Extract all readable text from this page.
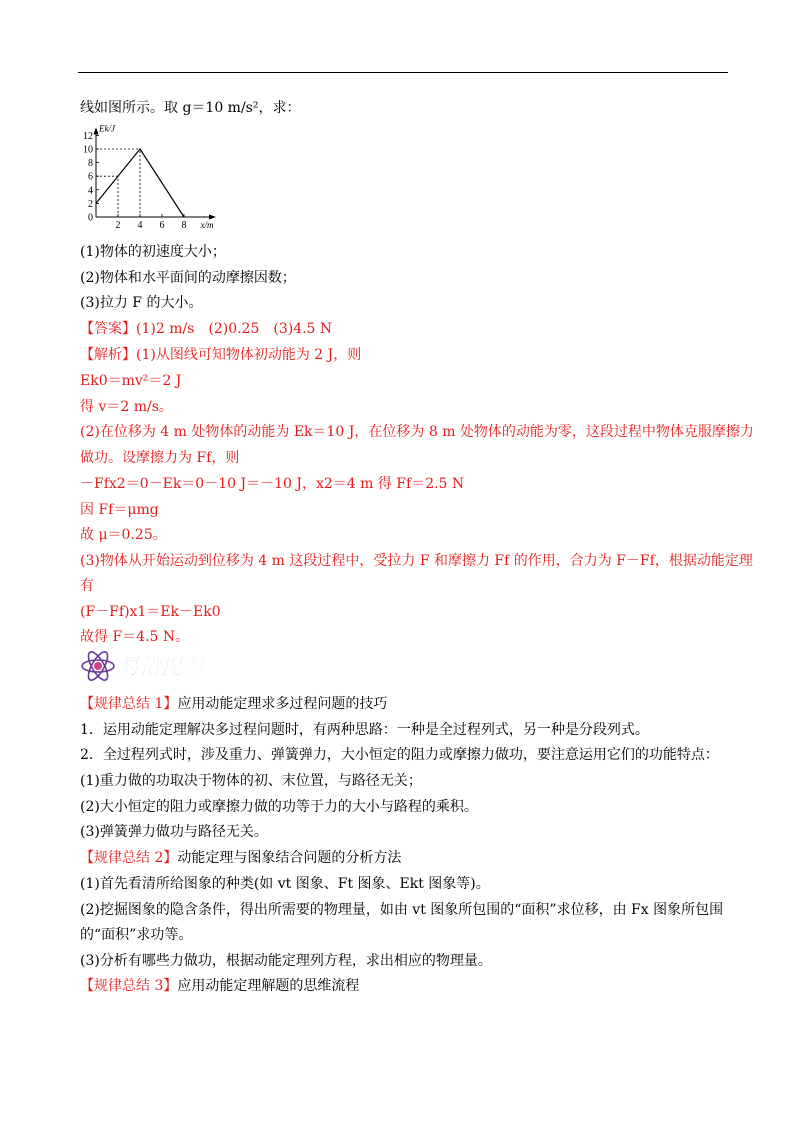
线如图所示。取 g＝10 m/s²，求：
0
2
4
6
8
10
12
2 4 6 8
Ek/J
x/m
(1)物体的初速度大小；
(2)物体和水平面间的动摩擦因数；
(3)拉力 F 的大小。
【答案】(1)2 m/s　(2)0.25　(3)4.5 N
【解析】(1)从图线可知物体初动能为 2 J，则
Ek0＝mv²＝2 J
得 v＝2 m/s。
(2)在位移为 4 m 处物体的动能为 Ek＝10 J，在位移为 8 m 处物体的动能为零，这段过程中物体克服摩擦力
做功。设摩擦力为 Ff，则
－Ffx2＝0－Ek＝0－10 J＝－10 J，x2＝4 m 得 Ff＝2.5 N
因 Ff＝μmg
故 μ＝0.25。
(3)物体从开始运动到位移为 4 m 这段过程中，受拉力 F 和摩擦力 Ff 的作用，合力为 F－Ff，根据动能定理
有
(F－Ff)x1＝Ek－Ek0
故得 F＝4.5 N。
易错提醒
【规律总结 1】应用动能定理求多过程问题的技巧
1．运用动能定理解决多过程问题时，有两种思路：一种是全过程列式，另一种是分段列式。
2．全过程列式时，涉及重力、弹簧弹力，大小恒定的阻力或摩擦力做功，要注意运用它们的功能特点：
(1)重力做的功取决于物体的初、末位置，与路径无关；
(2)大小恒定的阻力或摩擦力做的功等于力的大小与路程的乘积。
(3)弹簧弹力做功与路径无关。
【规律总结 2】动能定理与图象结合问题的分析方法
(1)首先看清所给图象的种类(如 vt 图象、Ft 图象、Ekt 图象等)。
(2)挖掘图象的隐含条件，得出所需要的物理量，如由 vt 图象所包围的“面积”求位移，由 Fx 图象所包围
的“面积”求功等。
(3)分析有哪些力做功，根据动能定理列方程，求出相应的物理量。
【规律总结 3】应用动能定理解题的思维流程
